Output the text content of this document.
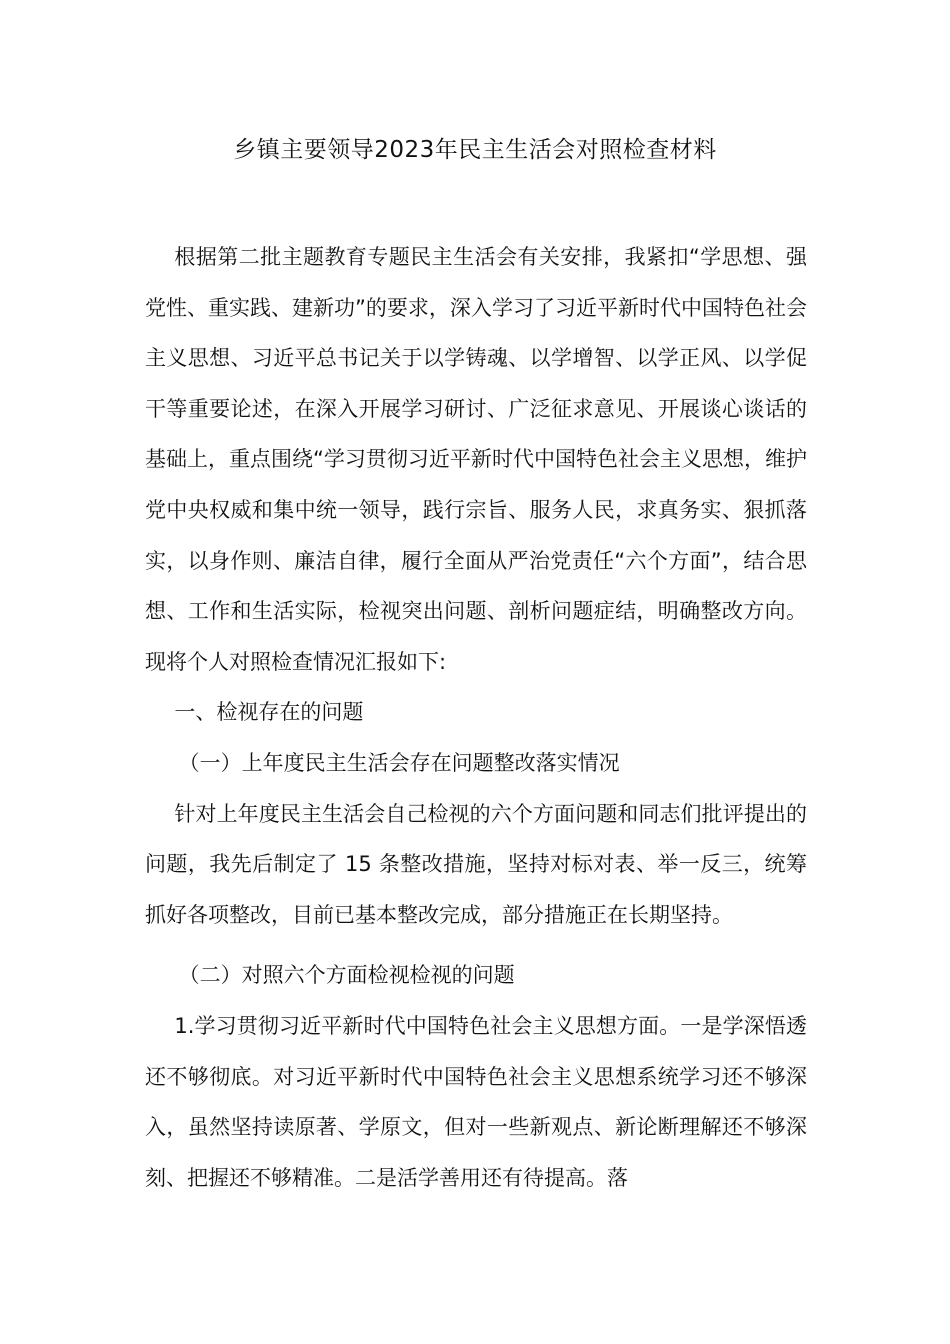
乡镇主要领导2023年民主生活会对照检查材料

根据第二批主题教育专题民主生活会有关安排，我紧扣“学思想、强党性、重实践、建新功”的要求，深入学习了习近平新时代中国特色社会主义思想、习近平总书记关于以学铸魂、以学增智、以学正风、以学促干等重要论述，在深入开展学习研讨、广泛征求意见、开展谈心谈话的基础上，重点围绕“学习贯彻习近平新时代中国特色社会主义思想，维护党中央权威和集中统一领导，践行宗旨、服务人民，求真务实、狠抓落实，以身作则、廉洁自律，履行全面从严治党责任“六个方面”，结合思想、工作和生活实际，检视突出问题、剖析问题症结，明确整改方向。现将个人对照检查情况汇报如下:

一、检视存在的问题

（一）上年度民主生活会存在问题整改落实情况

针对上年度民主生活会自己检视的六个方面问题和同志们批评提出的问题，我先后制定了 15 条整改措施，坚持对标对表、举一反三，统筹抓好各项整改，目前已基本整改完成，部分措施正在长期坚持。

（二）对照六个方面检视检视的问题

1.学习贯彻习近平新时代中国特色社会主义思想方面。一是学深悟透还不够彻底。对习近平新时代中国特色社会主义思想系统学习还不够深入，虽然坚持读原著、学原文，但对一些新观点、新论断理解还不够深刻、把握还不够精准。二是活学善用还有待提高。落
